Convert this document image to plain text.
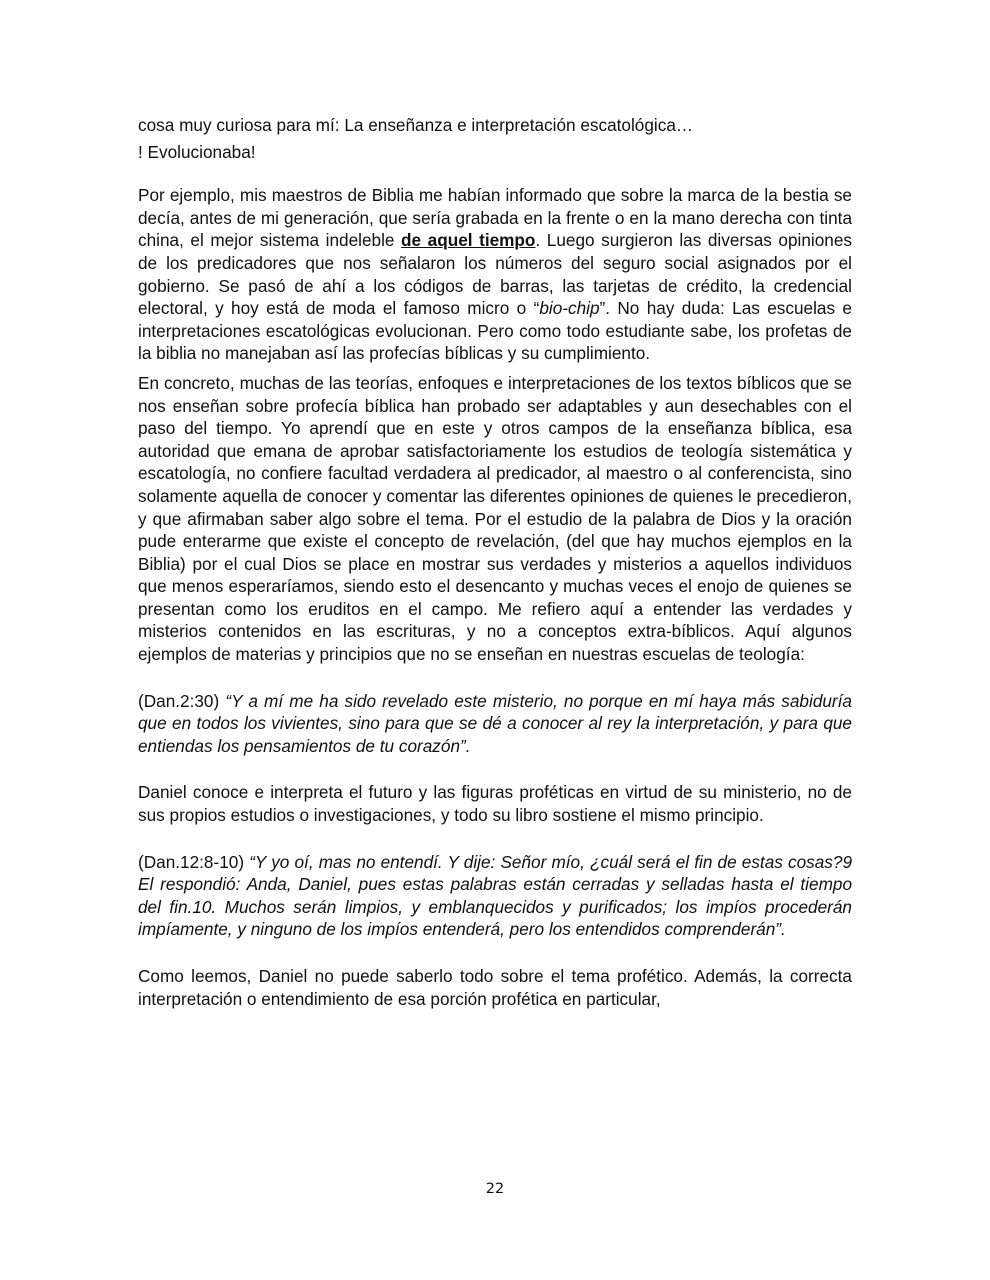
cosa muy curiosa para mí: La enseñanza e interpretación escatológica…

! Evolucionaba!

Por ejemplo, mis maestros de Biblia me habían informado que sobre la marca de la bestia se decía, antes de mi generación, que sería grabada en la frente o en la mano derecha con tinta china, el mejor sistema indeleble de aquel tiempo. Luego surgieron las diversas opiniones de los predicadores que nos señalaron los números del seguro social asignados por el gobierno. Se pasó de ahí a los códigos de barras, las tarjetas de crédito, la credencial electoral, y hoy está de moda el famoso micro o “bio-chip”. No hay duda: Las escuelas e interpretaciones escatológicas evolucionan. Pero como todo estudiante sabe, los profetas de la biblia no manejaban así las profecías bíblicas y su cumplimiento.

En concreto, muchas de las teorías, enfoques e interpretaciones de los textos bíblicos que se nos enseñan sobre profecía bíblica han probado ser adaptables y aun desechables con el paso del tiempo. Yo aprendí que en este y otros campos de la enseñanza bíblica, esa autoridad que emana de aprobar satisfactoriamente los estudios de teología sistemática y escatología, no confiere facultad verdadera al predicador, al maestro o al conferencista, sino solamente aquella de conocer y comentar las diferentes opiniones de quienes le precedieron, y que afirmaban saber algo sobre el tema. Por el estudio de la palabra de Dios y la oración pude enterarme que existe el concepto de revelación, (del que hay muchos ejemplos en la Biblia) por el cual Dios se place en mostrar sus verdades y misterios a aquellos individuos que menos esperaríamos, siendo esto el desencanto y muchas veces el enojo de quienes se presentan como los eruditos en el campo. Me refiero aquí a entender las verdades y misterios contenidos en las escrituras, y no a conceptos extra-bíblicos. Aquí algunos ejemplos de materias y principios que no se enseñan en nuestras escuelas de teología:

(Dan.2:30) “Y a mí me ha sido revelado este misterio, no porque en mí haya más sabiduría que en todos los vivientes, sino para que se dé a conocer al rey la interpretación, y para que entiendas los pensamientos de tu corazón”.

Daniel conoce e interpreta el futuro y las figuras proféticas en virtud de su ministerio, no de sus propios estudios o investigaciones, y todo su libro sostiene el mismo principio.

(Dan.12:8-10) “Y yo oí, mas no entendí. Y dije: Señor mío, ¿cuál será el fin de estas cosas?9 El respondió: Anda, Daniel, pues estas palabras están cerradas y selladas hasta el tiempo del fin.10. Muchos serán limpios, y emblanquecidos y purificados; los impíos procederán impíamente, y ninguno de los impíos entenderá, pero los entendidos comprenderán”.

Como leemos, Daniel no puede saberlo todo sobre el tema profético. Además, la correcta interpretación o entendimiento de esa porción profética en particular,

22
